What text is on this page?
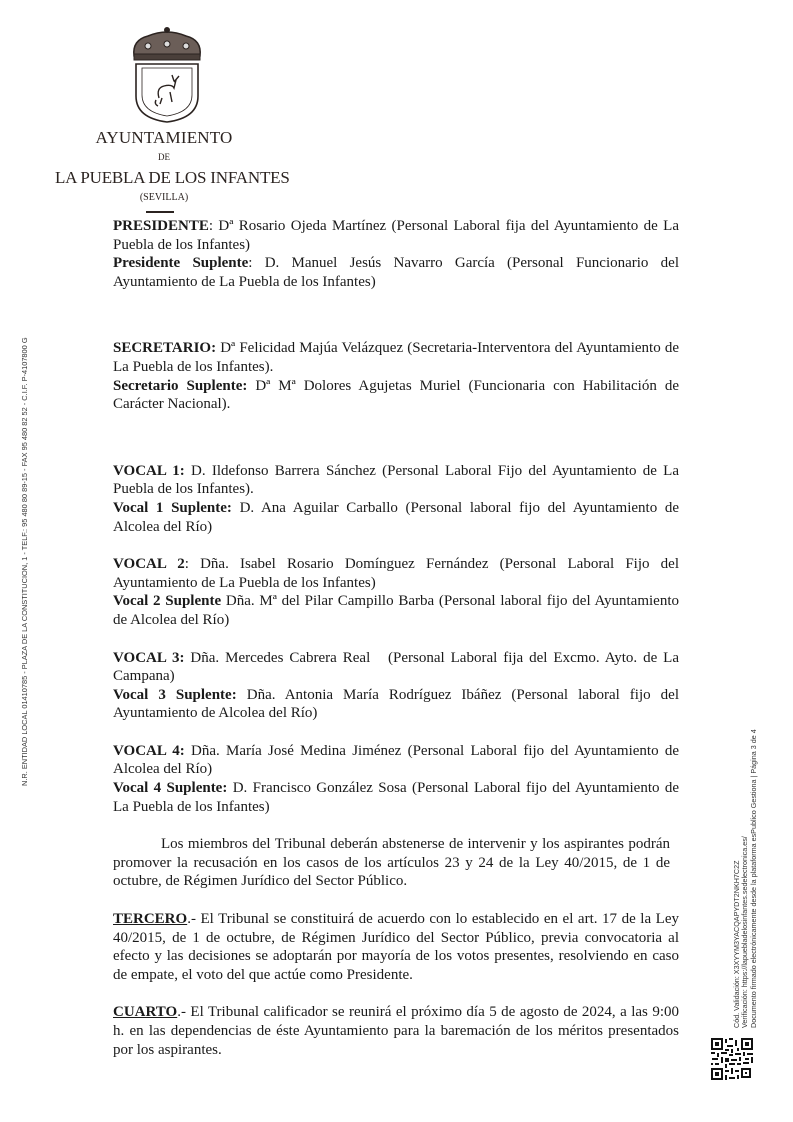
AYUNTAMIENTO
DE
LA PUEBLA DE LOS INFANTES
(SEVILLA)
N.R. ENTIDAD LOCAL 01410785 - PLAZA DE LA CONSTITUCION, 1 - TELF.: 95 480 80 89-15 - FAX 95 480 82 52 - C.I.F. P-4107800 G
Cód. Validación: X3XYYM3YACQAPYDT2NKH7C2Z Verificación: https://lapuebladelosinfantes.sedelectronica.es/ Documento firmado electrónicamente desde la plataforma esPublico Gestiona | Página 3 de 4

PRESIDENTE: Dª Rosario Ojeda Martínez (Personal Laboral fija del Ayuntamiento de La Puebla de los Infantes)

Presidente Suplente: D. Manuel Jesús Navarro García (Personal Funcionario del Ayuntamiento de La Puebla de los Infantes)

SECRETARIO: Dª Felicidad Majúa Velázquez (Secretaria-Interventora del Ayuntamiento de La Puebla de los Infantes).

Secretario Suplente: Dª Mª Dolores Agujetas Muriel (Funcionaria con Habilitación de Carácter Nacional).

VOCAL 1: D. Ildefonso Barrera Sánchez (Personal Laboral Fijo del Ayuntamiento de La Puebla de los Infantes).

Vocal 1 Suplente: D. Ana Aguilar Carballo (Personal laboral fijo del Ayuntamiento de Alcolea del Río)

VOCAL 2: Dña. Isabel Rosario Domínguez Fernández (Personal Laboral Fijo del Ayuntamiento de La Puebla de los Infantes)

Vocal 2 Suplente Dña. Mª del Pilar Campillo Barba (Personal laboral fijo del Ayuntamiento de Alcolea del Río)

VOCAL 3: Dña. Mercedes Cabrera Real   (Personal Laboral fija del Excmo. Ayto. de La Campana)

Vocal 3 Suplente: Dña. Antonia María Rodríguez Ibáñez (Personal laboral fijo del Ayuntamiento de Alcolea del Río)

VOCAL 4: Dña. María José Medina Jiménez (Personal Laboral fijo del Ayuntamiento de Alcolea del Río)

Vocal 4 Suplente: D. Francisco González Sosa (Personal Laboral fijo del Ayuntamiento de La Puebla de los Infantes)

Los miembros del Tribunal deberán abstenerse de intervenir y los aspirantes podrán promover la recusación en los casos de los artículos 23 y 24 de la Ley 40/2015, de 1 de octubre, de Régimen Jurídico del Sector Público.

TERCERO.- El Tribunal se constituirá de acuerdo con lo establecido en el art. 17 de la Ley 40/2015, de 1 de octubre, de Régimen Jurídico del Sector Público, previa convocatoria al efecto y las decisiones se adoptarán por mayoría de los votos presentes, resolviendo en caso de empate, el voto del que actúe como Presidente.

CUARTO.- El Tribunal calificador se reunirá el próximo día 5 de agosto de 2024, a las 9:00 h. en las dependencias de éste Ayuntamiento para la baremación de los méritos presentados por los aspirantes.
